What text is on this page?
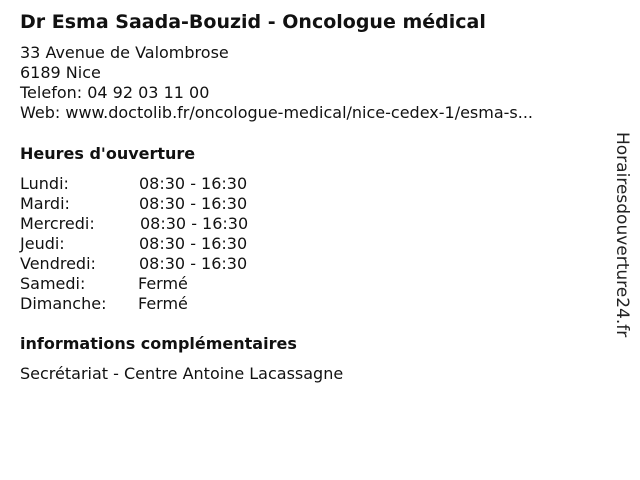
Dr Esma Saada-Bouzid - Oncologue médical
33 Avenue de Valombrose
6189 Nice
Telefon: 04 92 03 11 00
Web: www.doctolib.fr/oncologue-medical/nice-cedex-1/esma-s...
Heures d'ouverture
Lundi:	08:30 - 16:30
Mardi:	08:30 - 16:30
Mercredi:	08:30 - 16:30
Jeudi:	08:30 - 16:30
Vendredi:	08:30 - 16:30
Samedi:	Fermé
Dimanche: Fermé
informations complémentaires
Secrétariat - Centre Antoine Lacassagne
Horairesdouverture24.fr
